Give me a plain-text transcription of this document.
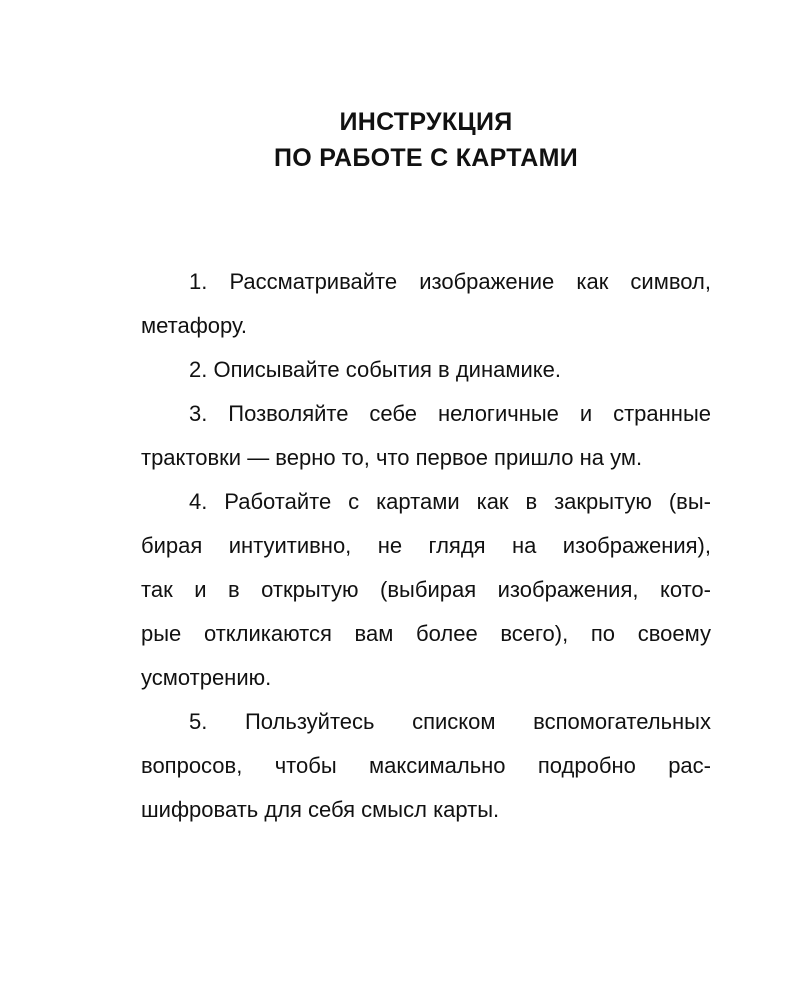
ИНСТРУКЦИЯ
ПО РАБОТЕ С КАРТАМИ

1. Рассматривайте изображение как символ,
метафору.

2. Описывайте события в динамике.

3. Позволяйте себе нелогичные и странные
трактовки — верно то, что первое пришло на ум.

4. Работайте с картами как в закрытую (вы-
бирая интуитивно, не глядя на изображения),
так и в открытую (выбирая изображения, кото-
рые откликаются вам более всего), по своему
усмотрению.

5. Пользуйтесь списком вспомогательных
вопросов, чтобы максимально подробно рас-
шифровать для себя смысл карты.
